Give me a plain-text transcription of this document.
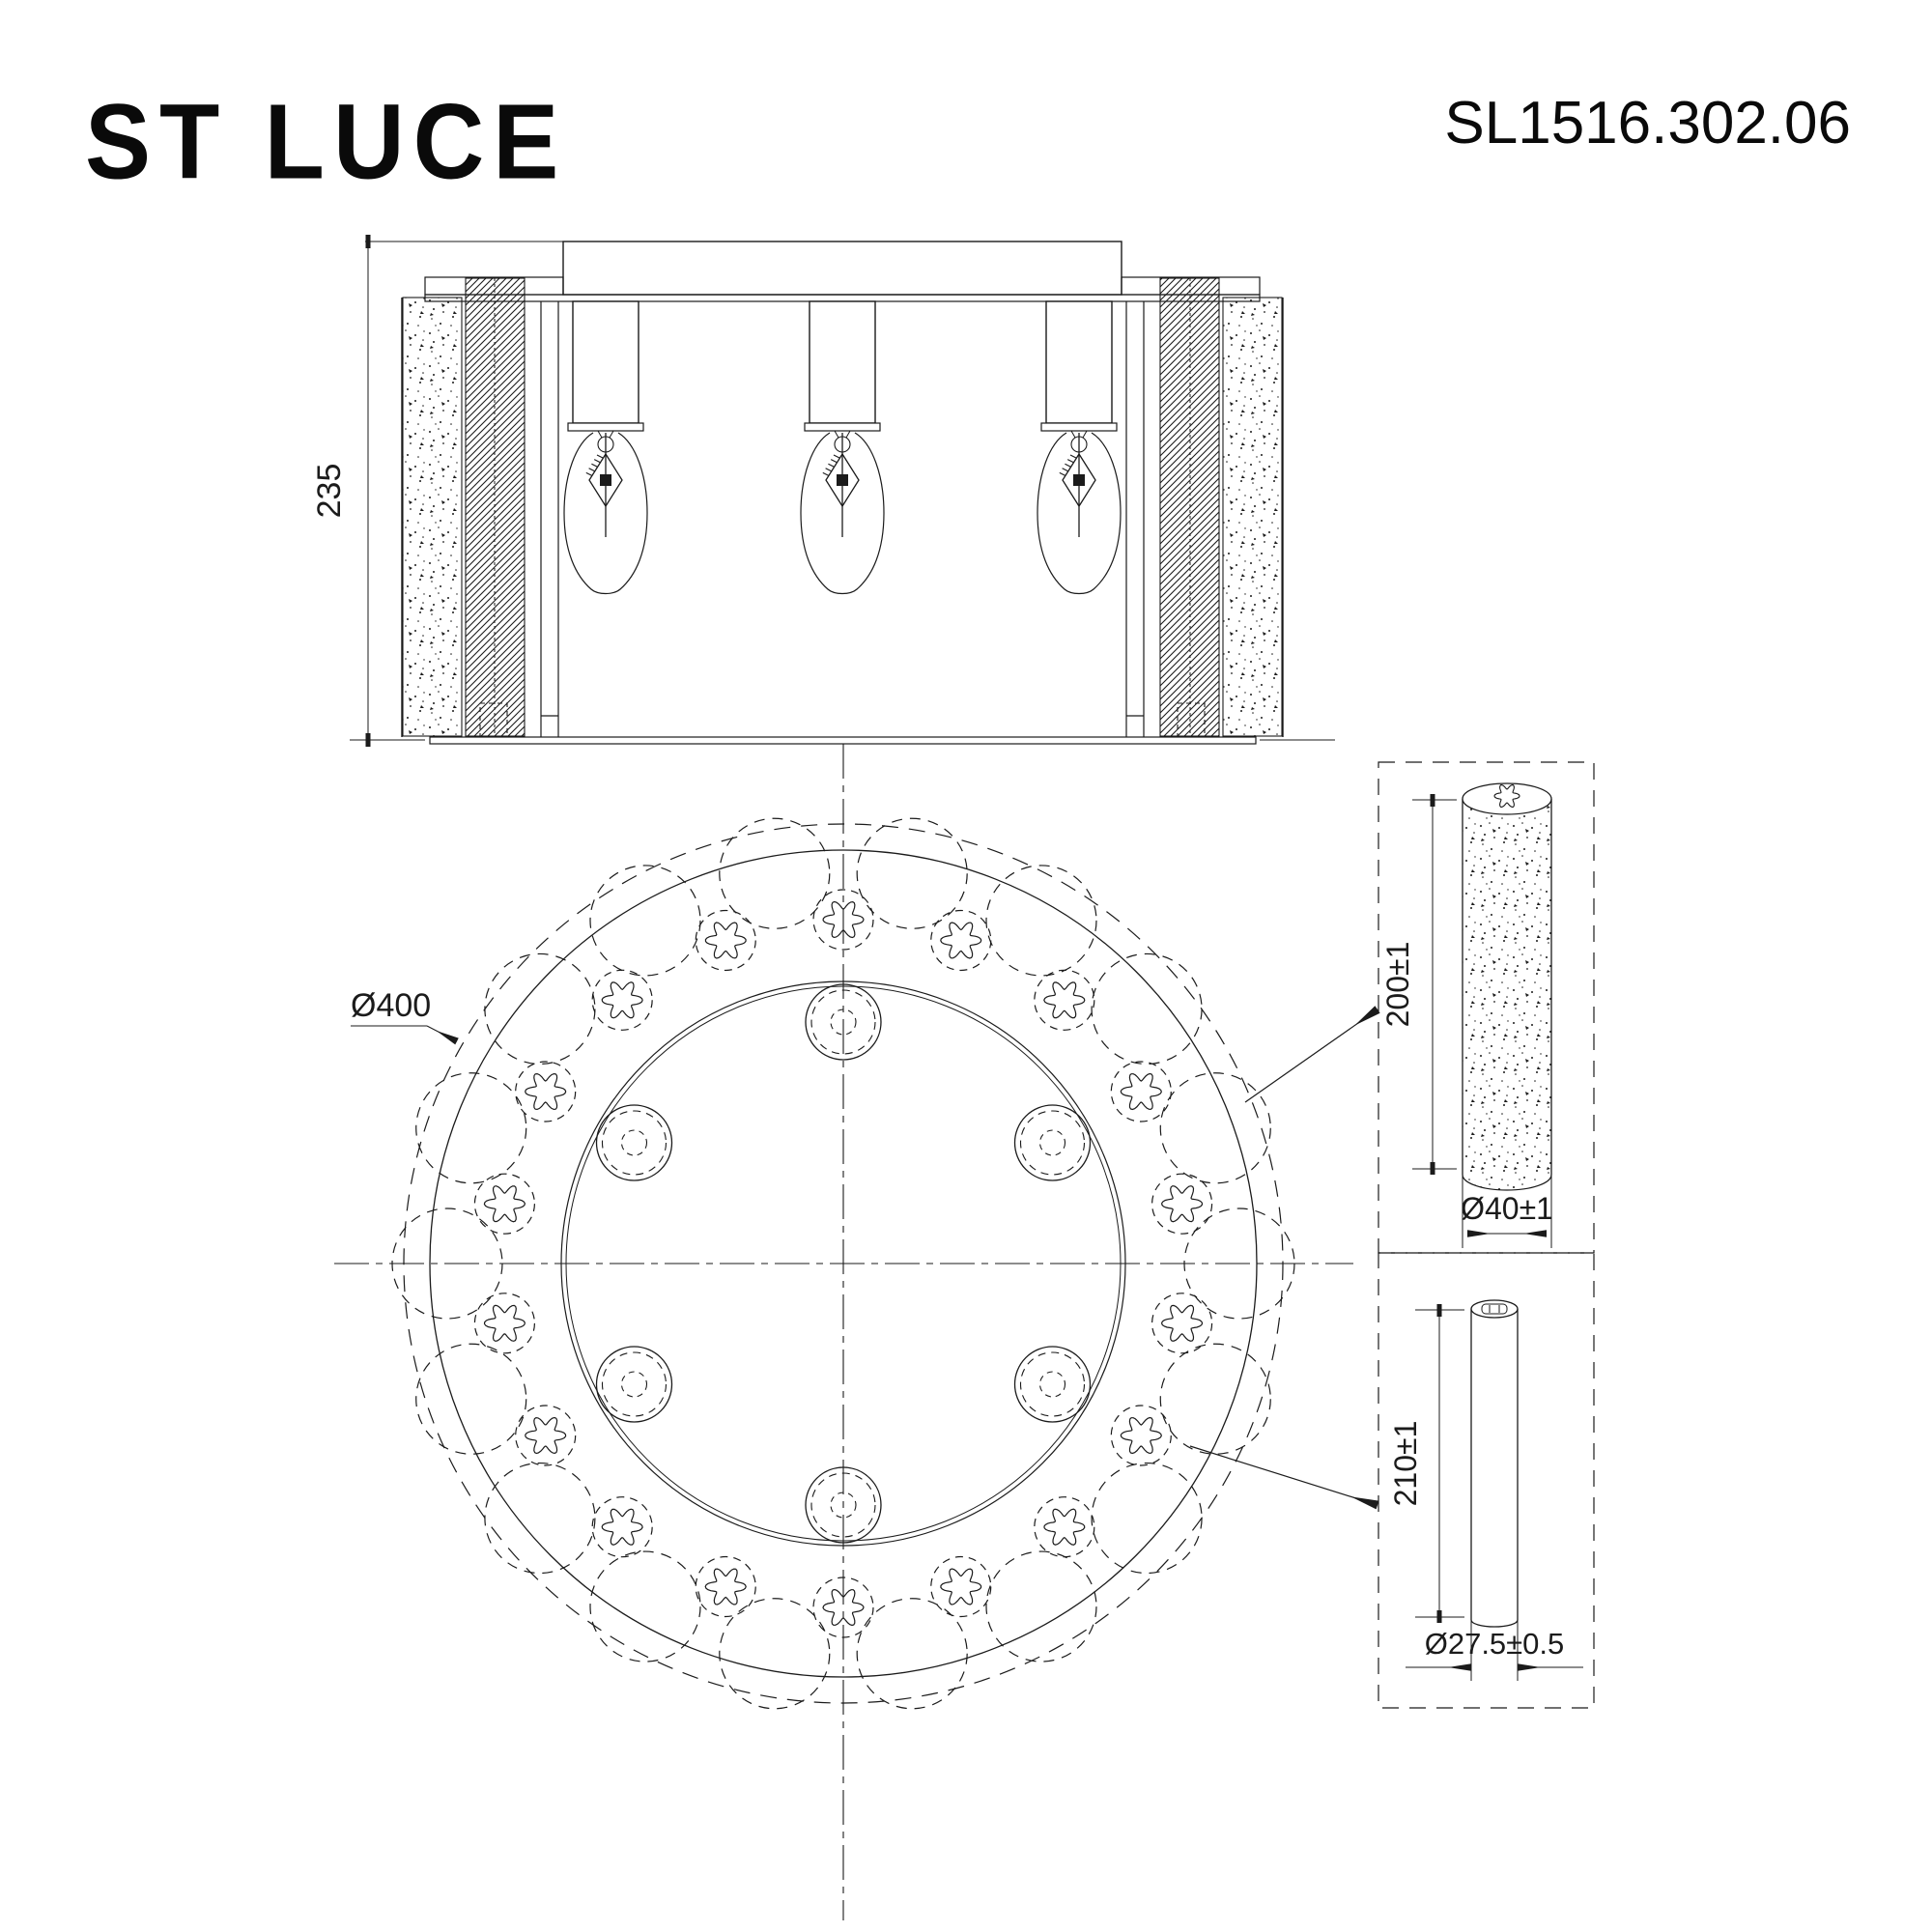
ST LUCE	SL1516.302.06
235
Ø400	200±1
Ø40±1
210±1
Ø27.5±0.5
